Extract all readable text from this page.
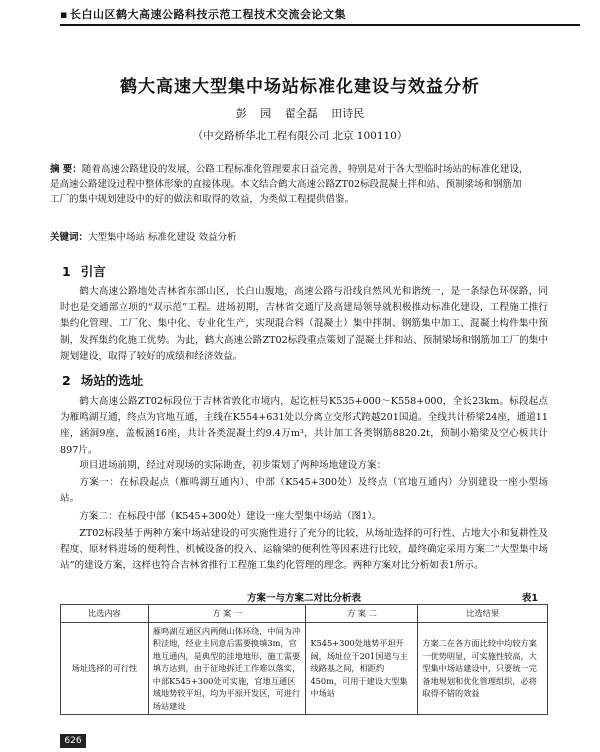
▪ 长白山区鹤大高速公路科技示范工程技术交流会论文集
鹤大高速大型集中场站标准化建设与效益分析
彭 园 翟全磊 田诗民
（中交路桥华北工程有限公司 北京 100110）
摘 要：随着高速公路建设的发展，公路工程标准化管理要求日益完善，特别是对于各大型临时场站的标准化建设，是高速公路建设过程中整体形象的直接体现。本文结合鹤大高速公路ZT02标段混凝土拌和站、预制梁场和钢筋加工厂的集中规划建设中的好的做法和取得的效益，为类似工程提供借鉴。
关键词：大型集中场站 标准化建设 效益分析
1 引言
鹤大高速公路地处吉林省东部山区，长白山腹地，高速公路与沿线自然风光和谐统一，是一条绿色环保路，同时也是交通部立项的“双示范”工程。进场初期，吉林省交通厅及高建局领导就积极推动标准化建设，工程施工推行集约化管理、工厂化、集中化、专业化生产，实现混合料（混凝土）集中拌制、钢筋集中加工、混凝土构件集中预制，发挥集约化施工优势。为此，鹤大高速公路ZT02标段重点策划了混凝土拌和站、预制梁场和钢筋加工厂的集中规划建设，取得了较好的成绩和经济效益。
2 场站的选址
鹤大高速公路ZT02标段位于吉林省敦化市境内，起讫桩号K535+000～K558+000，全长23km。标段起点为雁鸣湖互通，终点为官地互通，主线在K554+631处以分离立交形式跨越201国道。全线共计桥梁24座，通道11座，涵洞9座，盖板涵16座，共计各类混凝土约9.4万m³，共计加工各类钢筋8820.2t，预制小箱梁及空心板共计897片。
项目进场前期，经过对现场的实际勘查，初步策划了两种场地建设方案：
方案一：在标段起点（雁鸣湖互通内）、中部（K545+300处）及终点（官地互通内）分别建设一座小型场站。
方案二：在标段中部（K545+300处）建设一座大型集中场站（图1）。
ZT02标段基于两种方案中场站建设的可实施性进行了充分的比较，从场址选择的可行性、占地大小和复耕性及程度、原材料进场的便利性、机械设备的投入、运输梁的便利性等因素进行比较，最终确定采用方案二“大型集中场站”的建设方案，这样也符合吉林省推行工程施工集约化管理的理念。两种方案对比分析如表1所示。
方案一与方案二对比分析表	表1
比选内容	方 案 一	方 案 二	比选结果
场址选择的可行性	雁鸣湖互通区内两侧山体环绕，中间为冲积洼地，经业主同意后需要换填3m，官地互通内，是典型的洼地地形，施工需要填方达到，由于征地拆迁工作难以落实，中部K545+300处可实施，官地互通区域地势较平坦，均为平原开发区，可进行场站建设	K545+300处地势平坦开阔，场址位于201国道与主线路基之间，相距约450m，可用于建设大型集中场站	方案二在各方面比较中均较方案一优势明显，可实施性较高，大型集中场站建设中，只要统一完备地规划和优化管理组织，必将取得不错的效益
626
